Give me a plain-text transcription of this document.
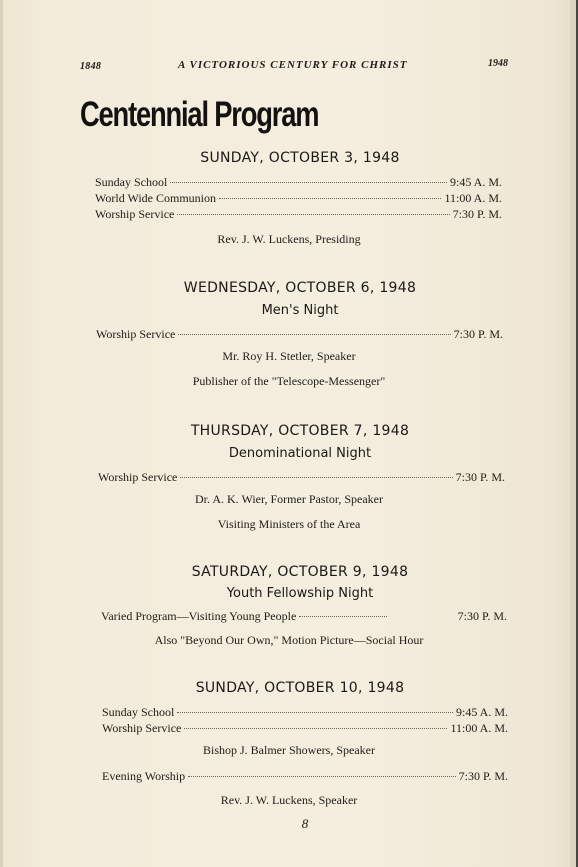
1848	A VICTORIOUS CENTURY FOR CHRIST	1948
Centennial Program
SUNDAY, OCTOBER 3, 1948
Sunday School	9:45 A. M.
World Wide Communion	11:00 A. M.
Worship Service	7:30 P. M.
Rev. J. W. Luckens, Presiding
WEDNESDAY, OCTOBER 6, 1948
Men's Night
Worship Service	7:30 P. M.
Mr. Roy H. Stetler, Speaker
Publisher of the "Telescope-Messenger"
THURSDAY, OCTOBER 7, 1948
Denominational Night
Worship Service	7:30 P. M.
Dr. A. K. Wier, Former Pastor, Speaker
Visiting Ministers of the Area
SATURDAY, OCTOBER 9, 1948
Youth Fellowship Night
Varied Program—Visiting Young People	7:30 P. M.
Also "Beyond Our Own," Motion Picture—Social Hour
SUNDAY, OCTOBER 10, 1948
Sunday School	9:45 A. M.
Worship Service	11:00 A. M.
Bishop J. Balmer Showers, Speaker
Evening Worship	7:30 P. M.
Rev. J. W. Luckens, Speaker
8
